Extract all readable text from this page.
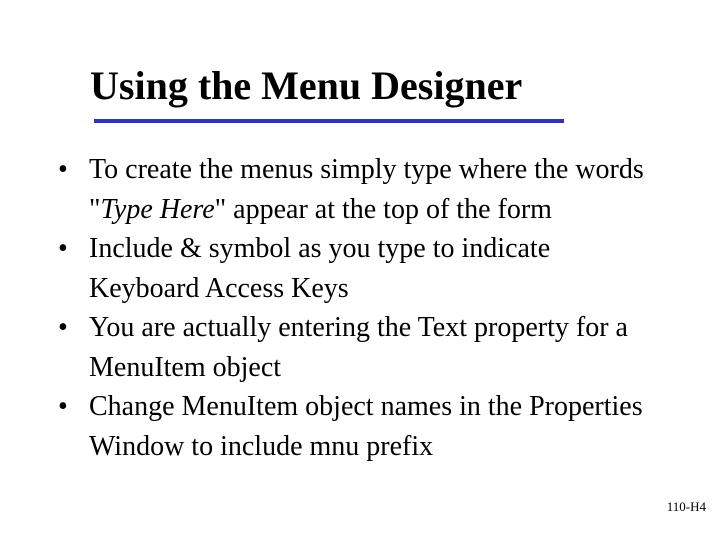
Using the Menu Designer
• To create the menus simply type where the words "Type Here" appear at the top of the form
• Include & symbol as you type to indicate Keyboard Access Keys
• You are actually entering the Text property for a MenuItem object
• Change MenuItem object names in the Properties Window to include mnu prefix
110-H4
